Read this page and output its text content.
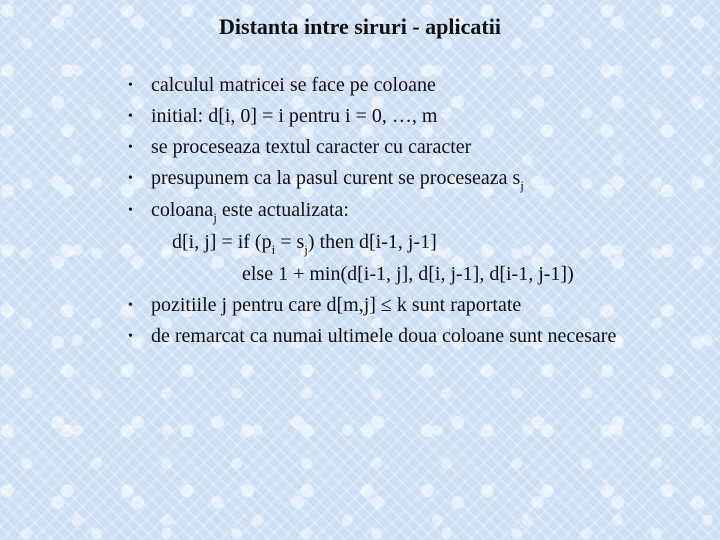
Distanta intre siruri - aplicatii
• calculul matricei se face pe coloane
• initial: d[i, 0] = i pentru i = 0, …, m
• se proceseaza textul caracter cu caracter
• presupunem ca la pasul curent se proceseaza $s_j$
• coloana$_j$ este actualizata:
d[i, j] = if $(p_i = s_j)$ then d[i-1, j-1]
else 1 + min(d[i-1, j], d[i, j-1], d[i-1, j-1])
• pozitiile j pentru care d[m,j] ≤ k sunt raportate
• de remarcat ca numai ultimele doua coloane sunt necesare
